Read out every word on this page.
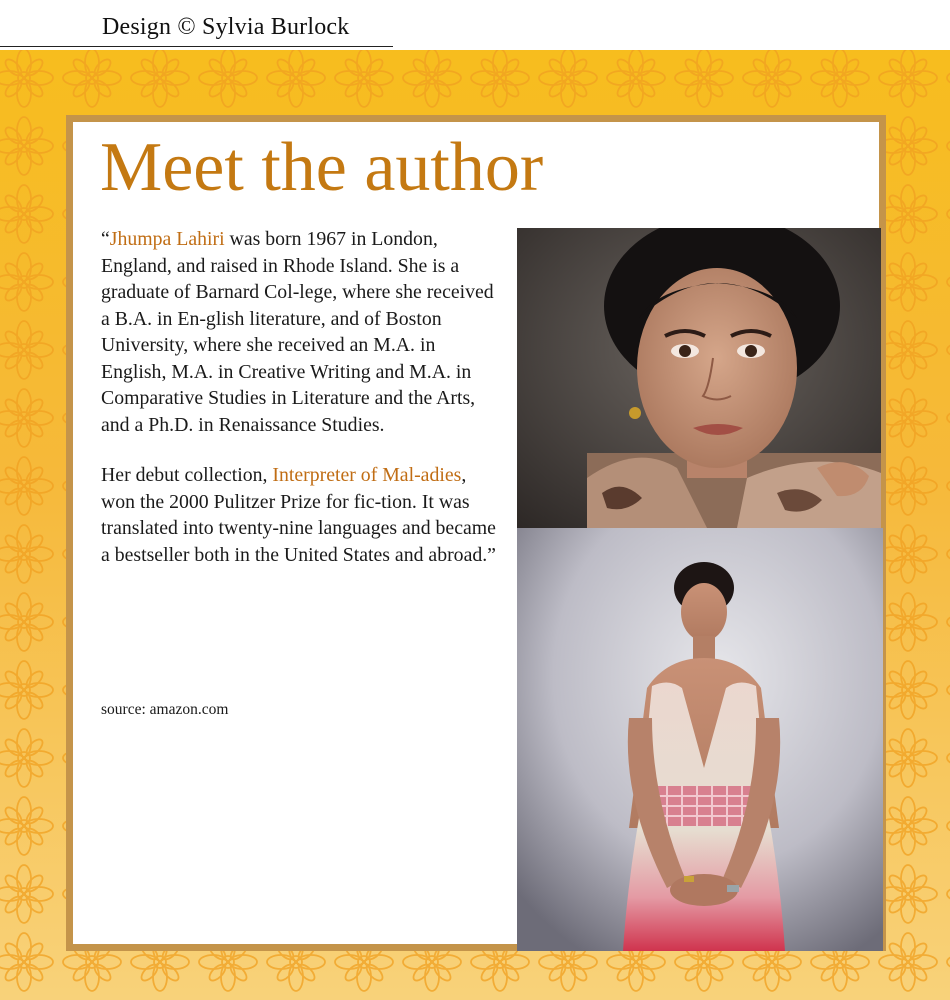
Design © Sylvia Burlock
Meet the author

“Jhumpa Lahiri was born 1967 in London, England, and raised in Rhode Island. She is a graduate of Barnard Col-lege, where she received a B.A. in En-glish literature, and of Boston University, where she received an M.A. in English, M.A. in Creative Writing and M.A. in Comparative Studies in Literature and the Arts, and a Ph.D. in Renaissance Studies.

Her debut collection, Interpreter of Mal-adies, won the 2000 Pulitzer Prize for fic-tion. It was translated into twenty-nine languages and became a bestseller both in the United States and abroad.”

source: amazon.com
